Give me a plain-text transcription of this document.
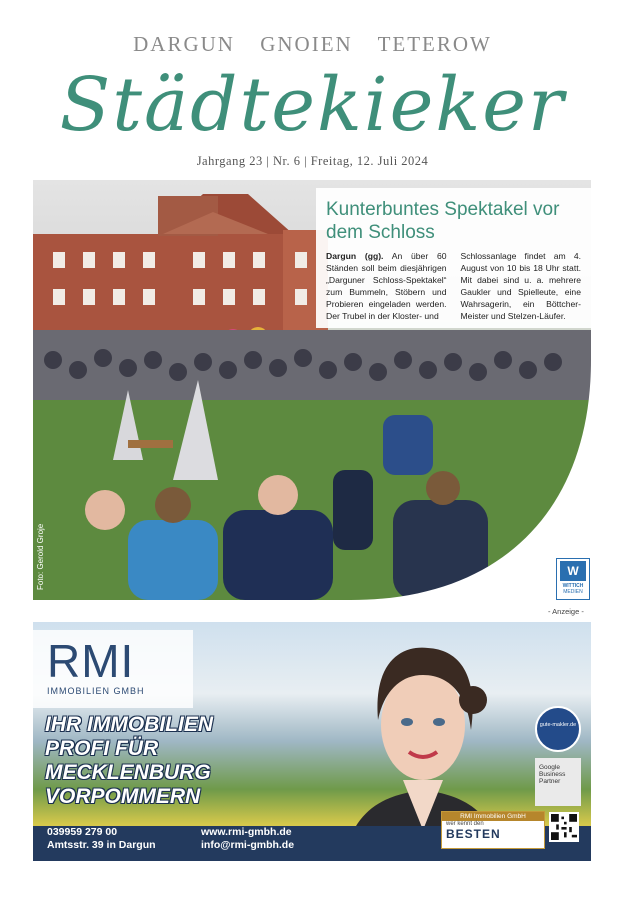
DARGUN GNOIEN TETEROW
Städtekieker
Jahrgang 23 | Nr. 6 | Freitag, 12. Juli 2024
Kunterbuntes Spektakel vor dem Schloss
Dargun (gg). An über 60 Ständen soll beim diesjährigen „Darguner Schloss-Spektakel“ zum Bummeln, Stöbern und Probieren eingeladen werden. Der Trubel in der Kloster- und
Schlossanlage findet am 4. August von 10 bis 18 Uhr statt. Mit dabei sind u. a. mehrere Gaukler und Spielleute, eine Wahrsagerin, ein Böttcher-Meister und Stelzen-Läufer.
Foto: Gerold Groje	W
WITTICH
MEDIEN
- Anzeige -
RMI
IMMOBILIEN GMBH
IHR IMMOBILIEN
PROFI FÜR
MECKLENBURG
VORPOMMERN
gute-makler.de
Google
Business Partner
039959 279 00
Amtsstr. 39 in Dargun
www.rmi-gmbh.de
info@rmi-gmbh.de
RMI Immobilien GmbH
wer kennt den
BESTEN
